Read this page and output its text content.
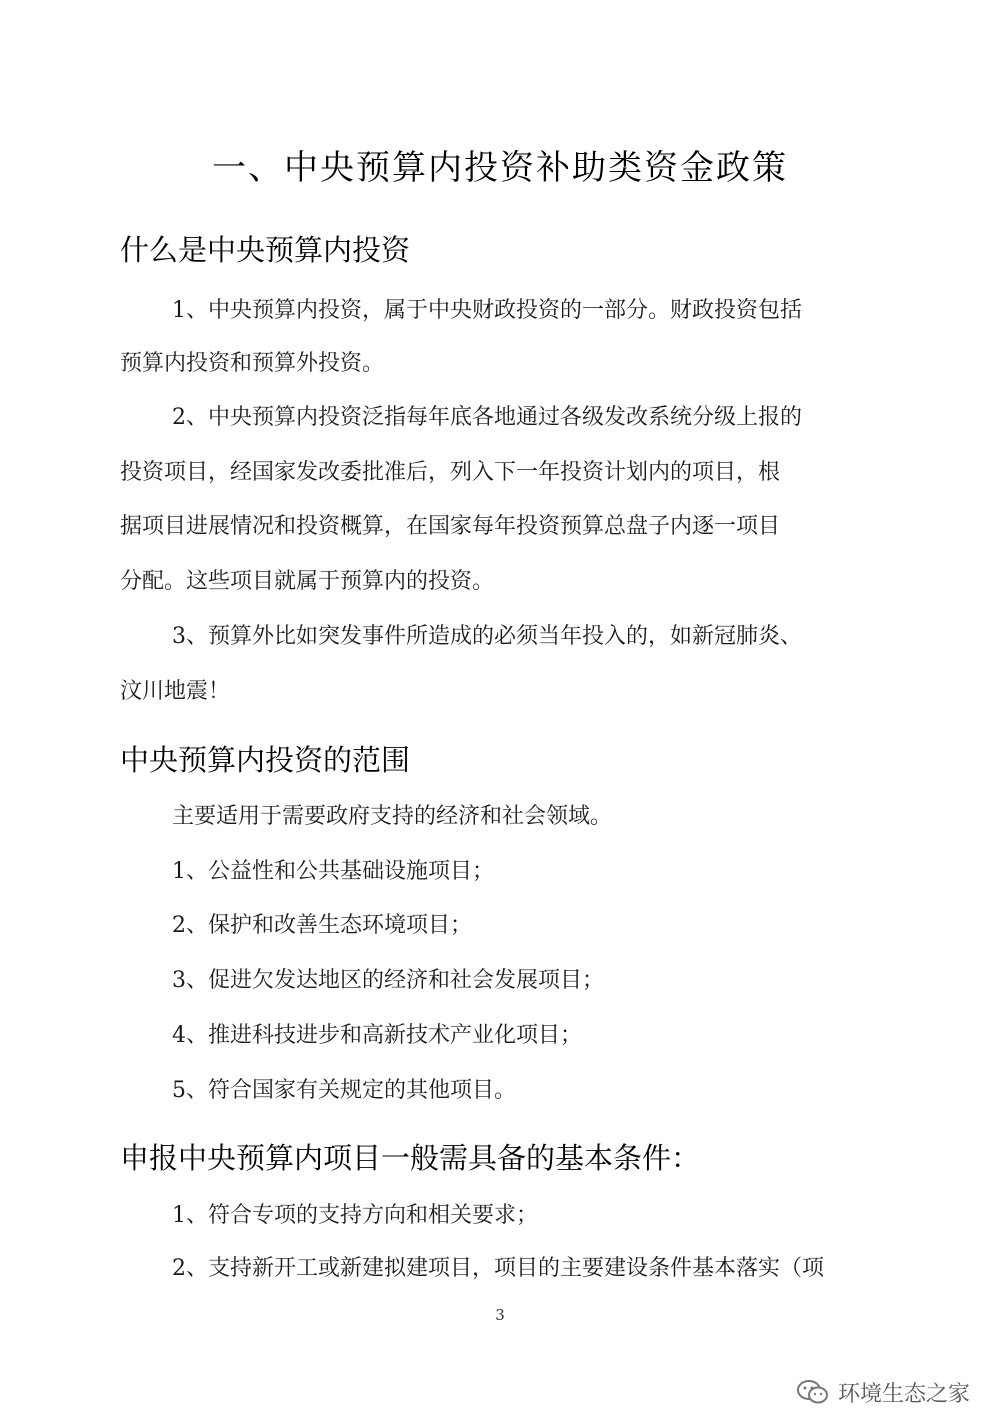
一、中央预算内投资补助类资金政策
什么是中央预算内投资
1、中央预算内投资，属于中央财政投资的一部分。财政投资包括
预算内投资和预算外投资。
2、中央预算内投资泛指每年底各地通过各级发改系统分级上报的
投资项目，经国家发改委批准后，列入下一年投资计划内的项目，根
据项目进展情况和投资概算，在国家每年投资预算总盘子内逐一项目
分配。这些项目就属于预算内的投资。
3、预算外比如突发事件所造成的必须当年投入的，如新冠肺炎、
汶川地震！
中央预算内投资的范围
主要适用于需要政府支持的经济和社会领域。
1、公益性和公共基础设施项目；
2、保护和改善生态环境项目；
3、促进欠发达地区的经济和社会发展项目；
4、推进科技进步和高新技术产业化项目；
5、符合国家有关规定的其他项目。
申报中央预算内项目一般需具备的基本条件：
1、符合专项的支持方向和相关要求；
2、支持新开工或新建拟建项目，项目的主要建设条件基本落实（项
3
环境生态之家
